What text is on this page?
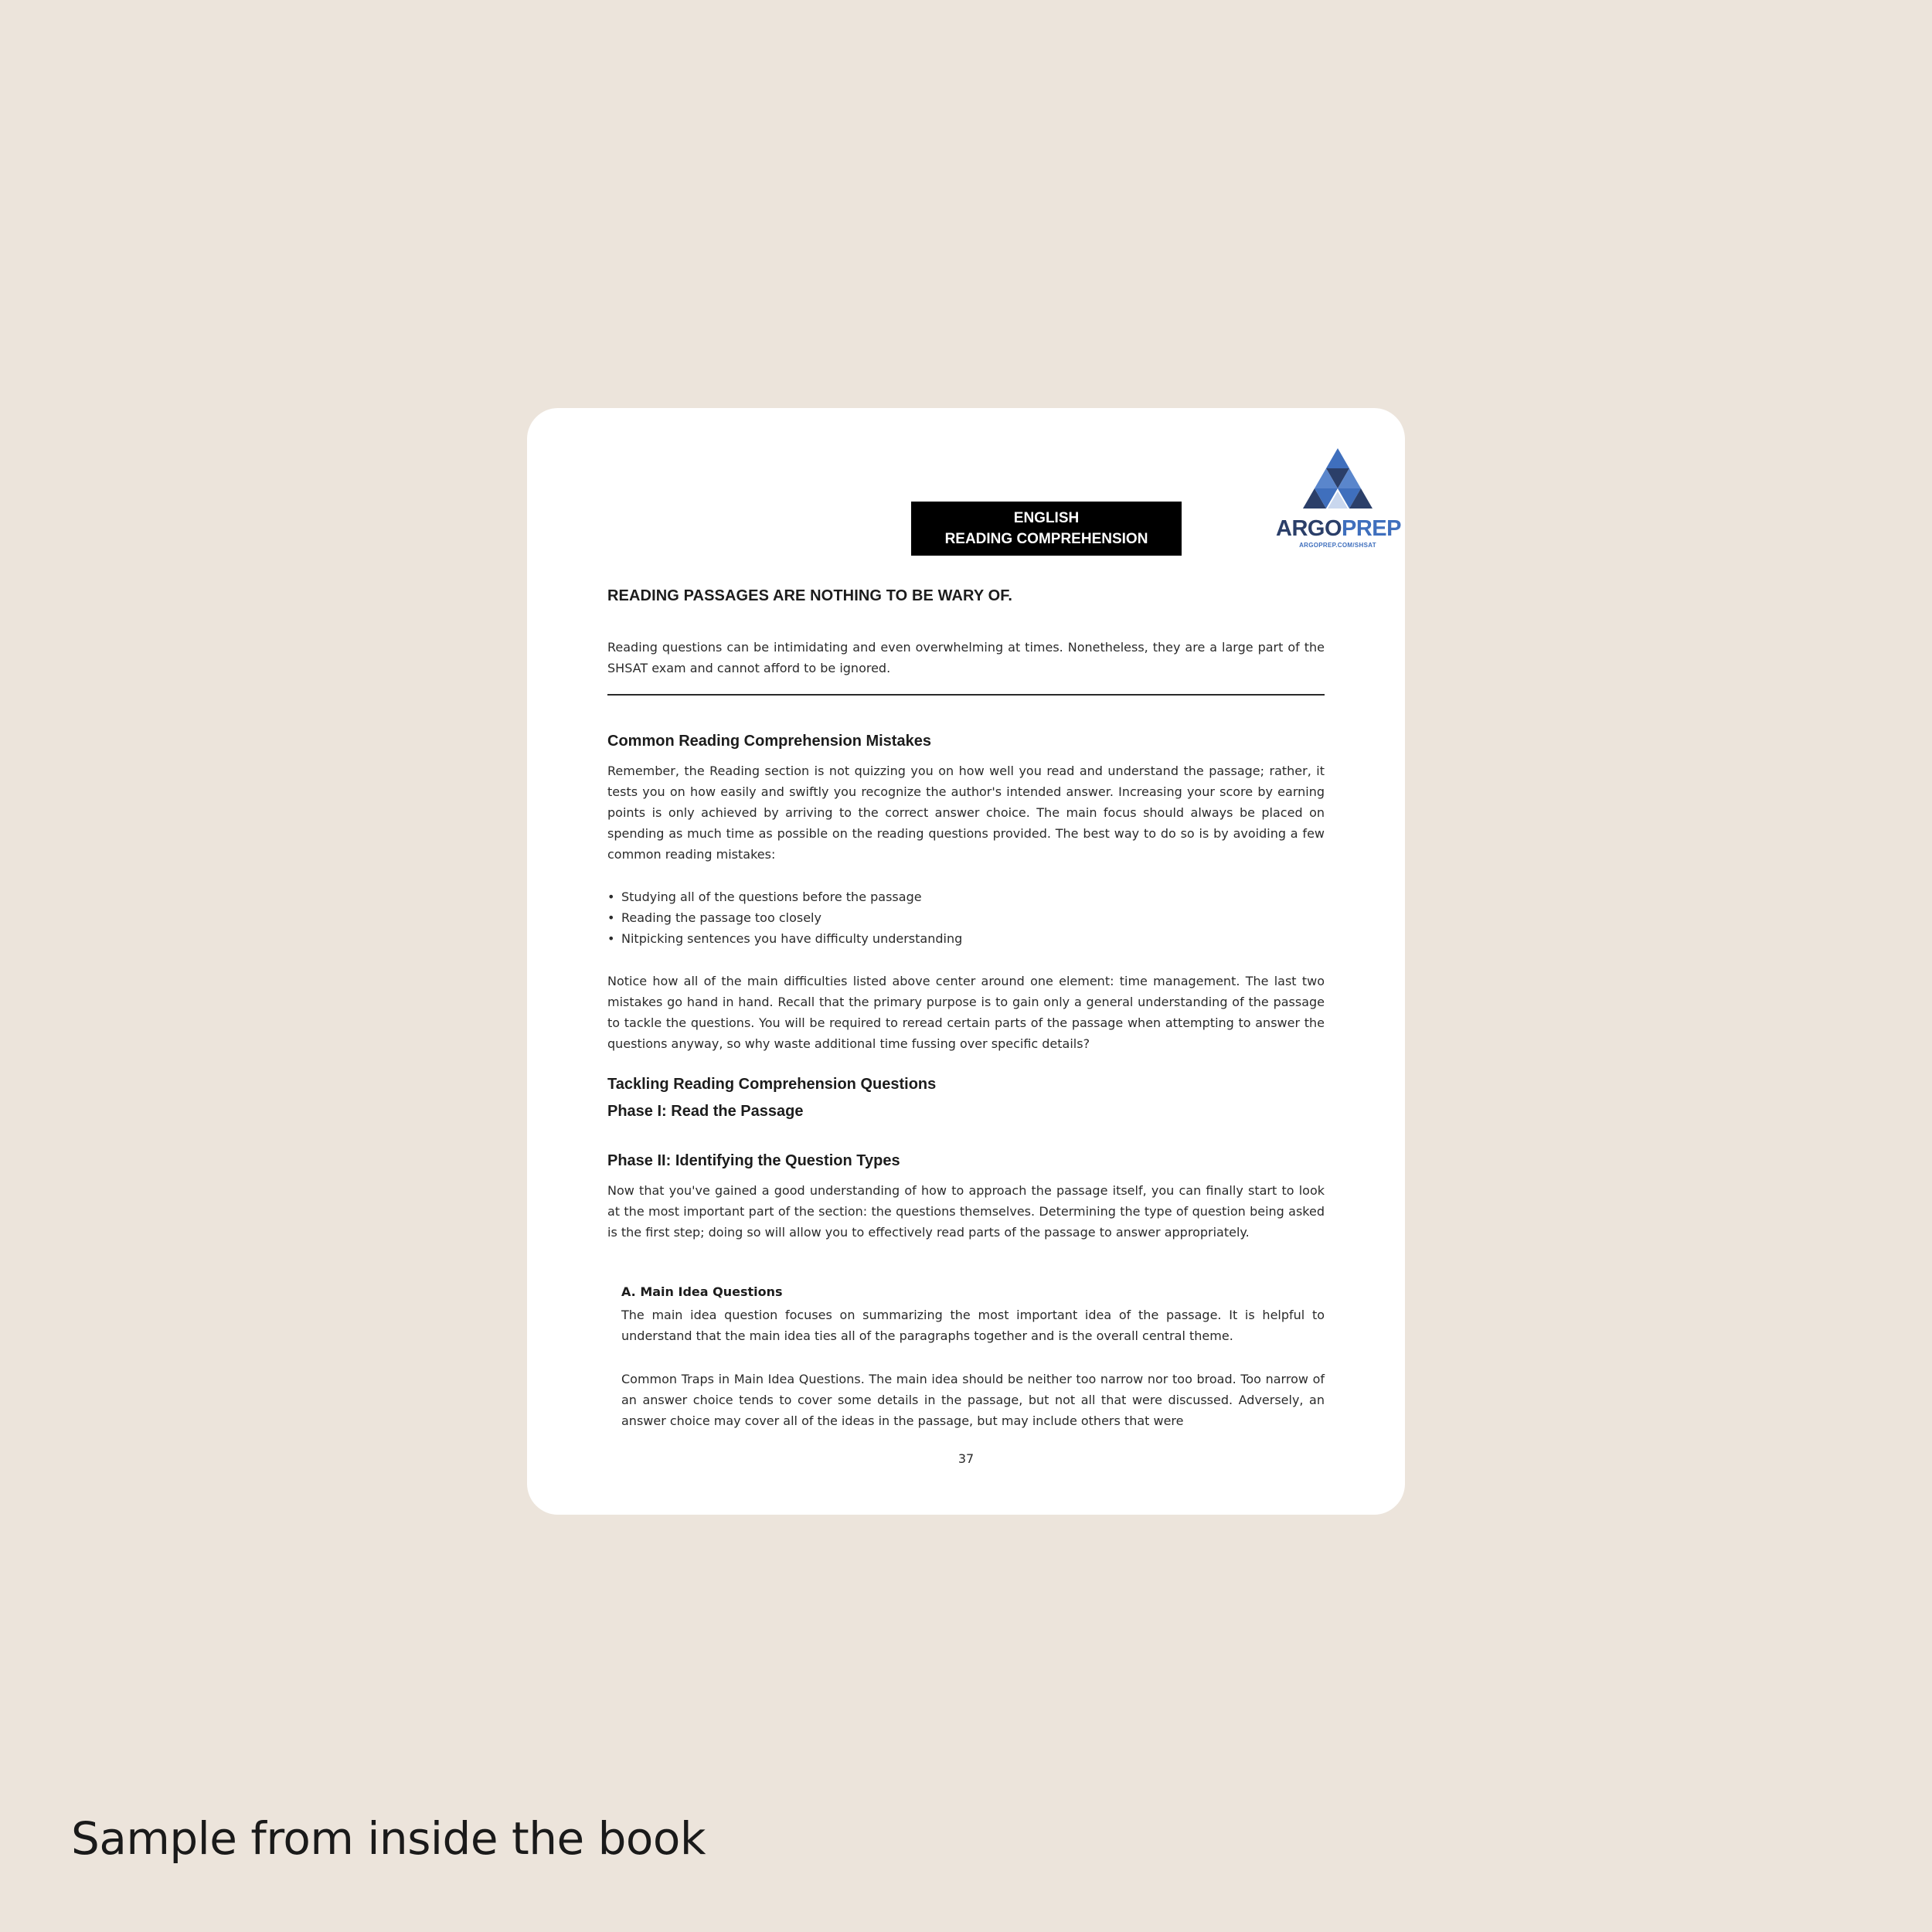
ENGLISH
READING COMPREHENSION	ARGOPREP
ARGOPREP.COM/SHSAT
READING PASSAGES ARE NOTHING TO BE WARY OF.
Reading questions can be intimidating and even overwhelming at times. Nonetheless, they are a large part of the SHSAT exam and cannot afford to be ignored.
Common Reading Comprehension Mistakes
Remember, the Reading section is not quizzing you on how well you read and understand the passage; rather, it tests you on how easily and swiftly you recognize the author's intended answer. Increasing your score by earning points is only achieved by arriving to the correct answer choice. The main focus should always be placed on spending as much time as possible on the reading questions provided. The best way to do so is by avoiding a few common reading mistakes:
• Studying all of the questions before the passage
• Reading the passage too closely
• Nitpicking sentences you have difficulty understanding
Notice how all of the main difficulties listed above center around one element: time management. The last two mistakes go hand in hand. Recall that the primary purpose is to gain only a general understanding of the passage to tackle the questions. You will be required to reread certain parts of the passage when attempting to answer the questions anyway, so why waste additional time fussing over specific details?
Tackling Reading Comprehension Questions
Phase I: Read the Passage
Phase II: Identifying the Question Types
Now that you've gained a good understanding of how to approach the passage itself, you can finally start to look at the most important part of the section: the questions themselves. Determining the type of question being asked is the first step; doing so will allow you to effectively read parts of the passage to answer appropriately.
A. Main Idea Questions
The main idea question focuses on summarizing the most important idea of the passage. It is helpful to understand that the main idea ties all of the paragraphs together and is the overall central theme.
Common Traps in Main Idea Questions. The main idea should be neither too narrow nor too broad. Too narrow of an answer choice tends to cover some details in the passage, but not all that were discussed. Adversely, an answer choice may cover all of the ideas in the passage, but may include others that were
37
Sample from inside the book
